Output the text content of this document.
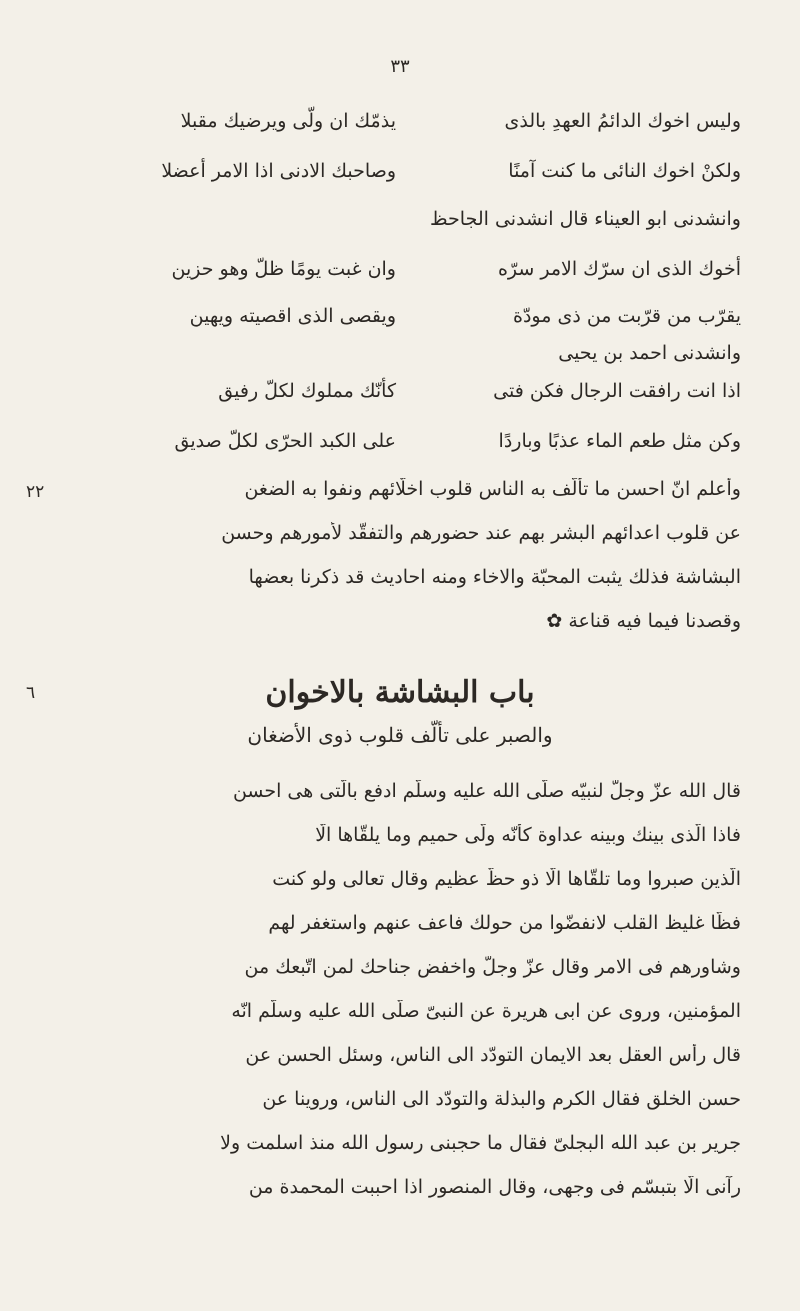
٣٣
وليس اخوك الدائمُ العهدِ بالذى
يذمّك ان ولّى ويرضيك مقبلا
ولكنْ اخوك النائى ما كنت آمنًا
وصاحبك الادنى اذا الامر أعضلا
وانشدنى ابو العيناء قال انشدنى الجاحظ
أخوك الذى ان سرّك الامر سرّه
وان غبت يومًا ظلّ وهو حزين
يقرّب من قرّبت من ذى مودّة
ويقصى الذى اقصيته ويهين
وانشدنى احمد بن يحيى
اذا انت رافقت الرجال فكن فتى
كأنّك مملوك لكلّ رفيق
وكن مثل طعم الماء عذبًا وباردًا
على الكبد الحرّى لكلّ صديق
٢٢	وأعلم انّ احسن ما تألّف به الناس قلوب اخلّائهم ونفوا به الضغن
عن قلوب اعدائهم البشر بهم عند حضورهم والتفقّد لأمورهم وحسن
البشاشة فذلك يثبت المحبّة والاخاء ومنه احاديث قد ذكرنا بعضها
وقصدنا فيما فيه قناعة ✿
٦	باب البشاشة بالاخوان
والصبر على تألّف قلوب ذوى الأضغان
قال الله عزّ وجلّ لنبيّه صلّى الله عليه وسلّم ادفع بالّتى هى احسن
فاذا الّذى بينك وبينه عداوة كأنّه ولّى حميم وما يلقّاها الّا
الّذين صبروا وما تلقّاها الّا ذو حظّ عظيم وقال تعالى ولو كنت
فظًّا غليظ القلب لانفضّوا من حولك فاعف عنهم واستغفر لهم
وشاورهم فى الامر وقال عزّ وجلّ واخفض جناحك لمن اتّبعك من
المؤمنين، وروى عن ابى هريرة عن النبىّ صلّى الله عليه وسلّم انّه
قال رأس العقل بعد الايمان التودّد الى الناس، وسئل الحسن عن
حسن الخلق فقال الكرم والبذلة والتودّد الى الناس، وروينا عن
جرير بن عبد الله البجلىّ فقال ما حجبنى رسول الله منذ اسلمت ولا
رآنى الّا بتبسّم فى وجهى، وقال المنصور اذا احببت المحمدة من
